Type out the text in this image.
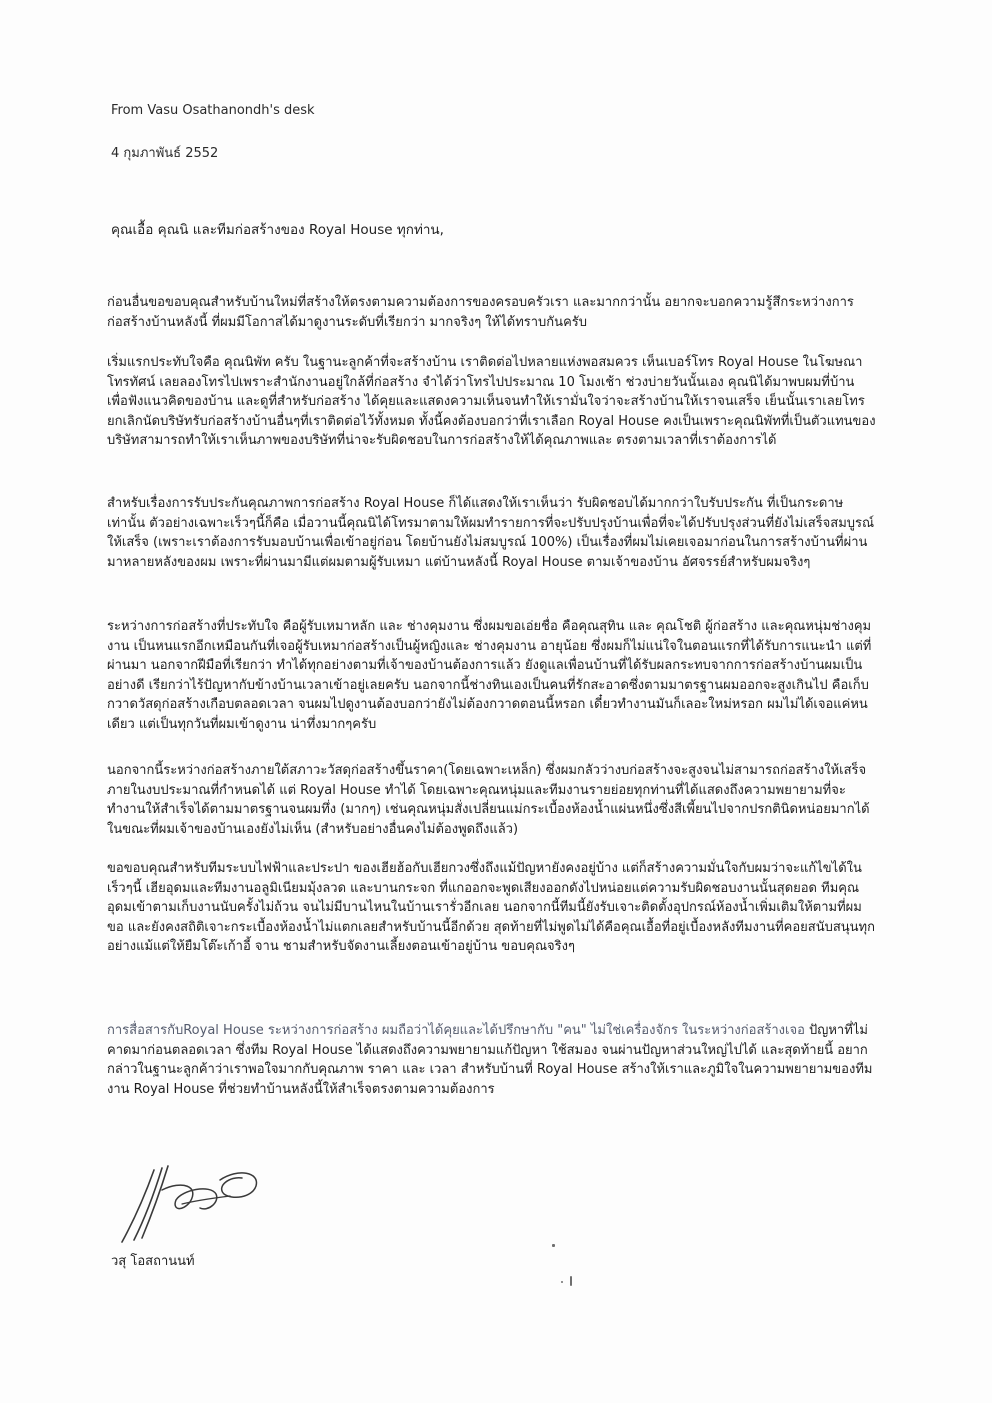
From Vasu Osathanondh's desk
4 กุมภาพันธ์ 2552
คุณเอื้อ คุณนิ และทีมก่อสร้างของ Royal House ทุกท่าน,
ก่อนอื่นขอขอบคุณสำหรับบ้านใหม่ที่สร้างให้ตรงตามความต้องการของครอบครัวเรา และมากกว่านั้น อยากจะบอกความรู้สึกระหว่างการก่อสร้างบ้านหลังนี้ ที่ผมมีโอกาสได้มาดูงานระดับที่เรียกว่า มากจริงๆ ให้ได้ทราบกันครับ
เริ่มแรกประทับใจคือ คุณนิพัท ครับ ในฐานะลูกค้าที่จะสร้างบ้าน เราติดต่อไปหลายแห่งพอสมควร เห็นเบอร์โทร Royal House ในโฆษณาโทรทัศน์ เลยลองโทรไปเพราะสำนักงานอยู่ใกล้ที่ก่อสร้าง จำได้ว่าโทรไปประมาณ 10 โมงเช้า ช่วงบ่ายวันนั้นเอง คุณนิได้มาพบผมที่บ้าน เพื่อฟังแนวคิดของบ้าน และดูที่สำหรับก่อสร้าง ได้คุยและแสดงความเห็นจนทำให้เรามั่นใจว่าจะสร้างบ้านให้เราจนเสร็จ เย็นนั้นเราเลยโทรยกเลิกนัดบริษัทรับก่อสร้างบ้านอื่นๆที่เราติดต่อไว้ทั้งหมด ทั้งนี้คงต้องบอกว่าที่เราเลือก Royal House คงเป็นเพราะคุณนิพัทที่เป็นตัวแทนของบริษัทสามารถทำให้เราเห็นภาพของบริษัทที่น่าจะรับผิดชอบในการก่อสร้างให้ได้คุณภาพและ ตรงตามเวลาที่เราต้องการได้
สำหรับเรื่องการรับประกันคุณภาพการก่อสร้าง Royal House ก็ได้แสดงให้เราเห็นว่า รับผิดชอบได้มากกว่าใบรับประกัน ที่เป็นกระดาษเท่านั้น ตัวอย่างเฉพาะเร็วๆนี้ก็คือ เมื่อวานนี้คุณนิได้โทรมาตามให้ผมทำรายการที่จะปรับปรุงบ้านเพื่อที่จะได้ปรับปรุงส่วนที่ยังไม่เสร็จสมบูรณ์ให้เสร็จ (เพราะเราต้องการรับมอบบ้านเพื่อเข้าอยู่ก่อน โดยบ้านยังไม่สมบูรณ์ 100%) เป็นเรื่องที่ผมไม่เคยเจอมาก่อนในการสร้างบ้านที่ผ่านมาหลายหลังของผม เพราะที่ผ่านมามีแต่ผมตามผู้รับเหมา แต่บ้านหลังนี้ Royal House ตามเจ้าของบ้าน อัศจรรย์สำหรับผมจริงๆ
ระหว่างการก่อสร้างที่ประทับใจ คือผู้รับเหมาหลัก และ ช่างคุมงาน ซึ่งผมขอเอ่ยชื่อ คือคุณสุทิน และ คุณโชติ ผู้ก่อสร้าง และคุณหนุ่มช่างคุมงาน เป็นหนแรกอีกเหมือนกันที่เจอผู้รับเหมาก่อสร้างเป็นผู้หญิงและ ช่างคุมงาน อายุน้อย ซึ่งผมก็ไม่แน่ใจในตอนแรกที่ได้รับการแนะนำ แต่ที่ผ่านมา นอกจากฝีมือที่เรียกว่า ทำได้ทุกอย่างตามที่เจ้าของบ้านต้องการแล้ว ยังดูแลเพื่อนบ้านที่ได้รับผลกระทบจากการก่อสร้างบ้านผมเป็นอย่างดี เรียกว่าไร้ปัญหากับข้างบ้านเวลาเข้าอยู่เลยครับ นอกจากนี้ช่างทินเองเป็นคนที่รักสะอาดซึ่งตามมาตรฐานผมออกจะสูงเกินไป คือเก็บกวาดวัสดุก่อสร้างเกือบตลอดเวลา จนผมไปดูงานต้องบอกว่ายังไม่ต้องกวาดตอนนี้หรอก เดี๋ยวทำงานมันก็เลอะใหม่หรอก ผมไม่ได้เจอแค่หนเดียว แต่เป็นทุกวันที่ผมเข้าดูงาน น่าทึ่งมากๆครับ
นอกจากนี้ระหว่างก่อสร้างภายใต้สภาวะวัสดุก่อสร้างขึ้นราคา(โดยเฉพาะเหล็ก) ซึ่งผมกลัวว่างบก่อสร้างจะสูงจนไม่สามารถก่อสร้างให้เสร็จภายในงบประมาณที่กำหนดได้ แต่ Royal House ทำได้ โดยเฉพาะคุณหนุ่มและทีมงานรายย่อยทุกท่านที่ได้แสดงถึงความพยายามที่จะทำงานให้สำเร็จได้ตามมาตรฐานจนผมทึ่ง (มากๆ) เช่นคุณหนุ่มสั่งเปลี่ยนแม่กระเบื้องห้องน้ำแผ่นหนึ่งซึ่งสีเพี้ยนไปจากปรกตินิดหน่อยมากได้ในขณะที่ผมเจ้าของบ้านเองยังไม่เห็น (สำหรับอย่างอื่นคงไม่ต้องพูดถึงแล้ว)
ขอขอบคุณสำหรับทีมระบบไฟฟ้าและประปา ของเฮียฮ้อกับเฮียกวงซึ่งถึงแม้ปัญหายังคงอยู่บ้าง แต่ก็สร้างความมั่นใจกับผมว่าจะแก้ไขได้ในเร็วๆนี้ เฮียอุดมและทีมงานอลูมิเนียมมุ้งลวด และบานกระจก ที่แกออกจะพูดเสียงออกดังไปหน่อยแต่ความรับผิดชอบงานนั้นสุดยอด ทีมคุณอุดมเข้าตามเก็บงานนับครั้งไม่ถ้วน จนไม่มีบานไหนในบ้านเรารั่วอีกเลย นอกจากนี้ทีมนี้ยังรับเจาะติดตั้งอุปกรณ์ห้องน้ำเพิ่มเติมให้ตามที่ผมขอ และยังคงสถิติเจาะกระเบื้องห้องน้ำไม่แตกเลยสำหรับบ้านนี้อีกด้วย สุดท้ายที่ไม่พูดไม่ได้คือคุณเอื้อที่อยู่เบื้องหลังทีมงานที่คอยสนับสนุนทุกอย่างแม้แต่ให้ยืมโต๊ะเก้าอี้ จาน ชามสำหรับจัดงานเลี้ยงตอนเข้าอยู่บ้าน ขอบคุณจริงๆ
การสื่อสารกับRoyal House ระหว่างการก่อสร้าง ผมถือว่าได้คุยและได้ปรึกษากับ "คน" ไม่ใช่เครื่องจักร ในระหว่างก่อสร้างเจอ ปัญหาที่ไม่คาดมาก่อนตลอดเวลา ซึ่งทีม Royal House ได้แสดงถึงความพยายามแก้ปัญหา ใช้สมอง จนผ่านปัญหาส่วนใหญ่ไปได้ และสุดท้ายนี้ อยากกล่าวในฐานะลูกค้าว่าเราพอใจมากกับคุณภาพ ราคา และ เวลา สำหรับบ้านที่ Royal House สร้างให้เราและภูมิใจในความพยายามของทีมงาน Royal House ที่ช่วยทำบ้านหลังนี้ให้สำเร็จตรงตามความต้องการ
วสุ โอสถานนท์
